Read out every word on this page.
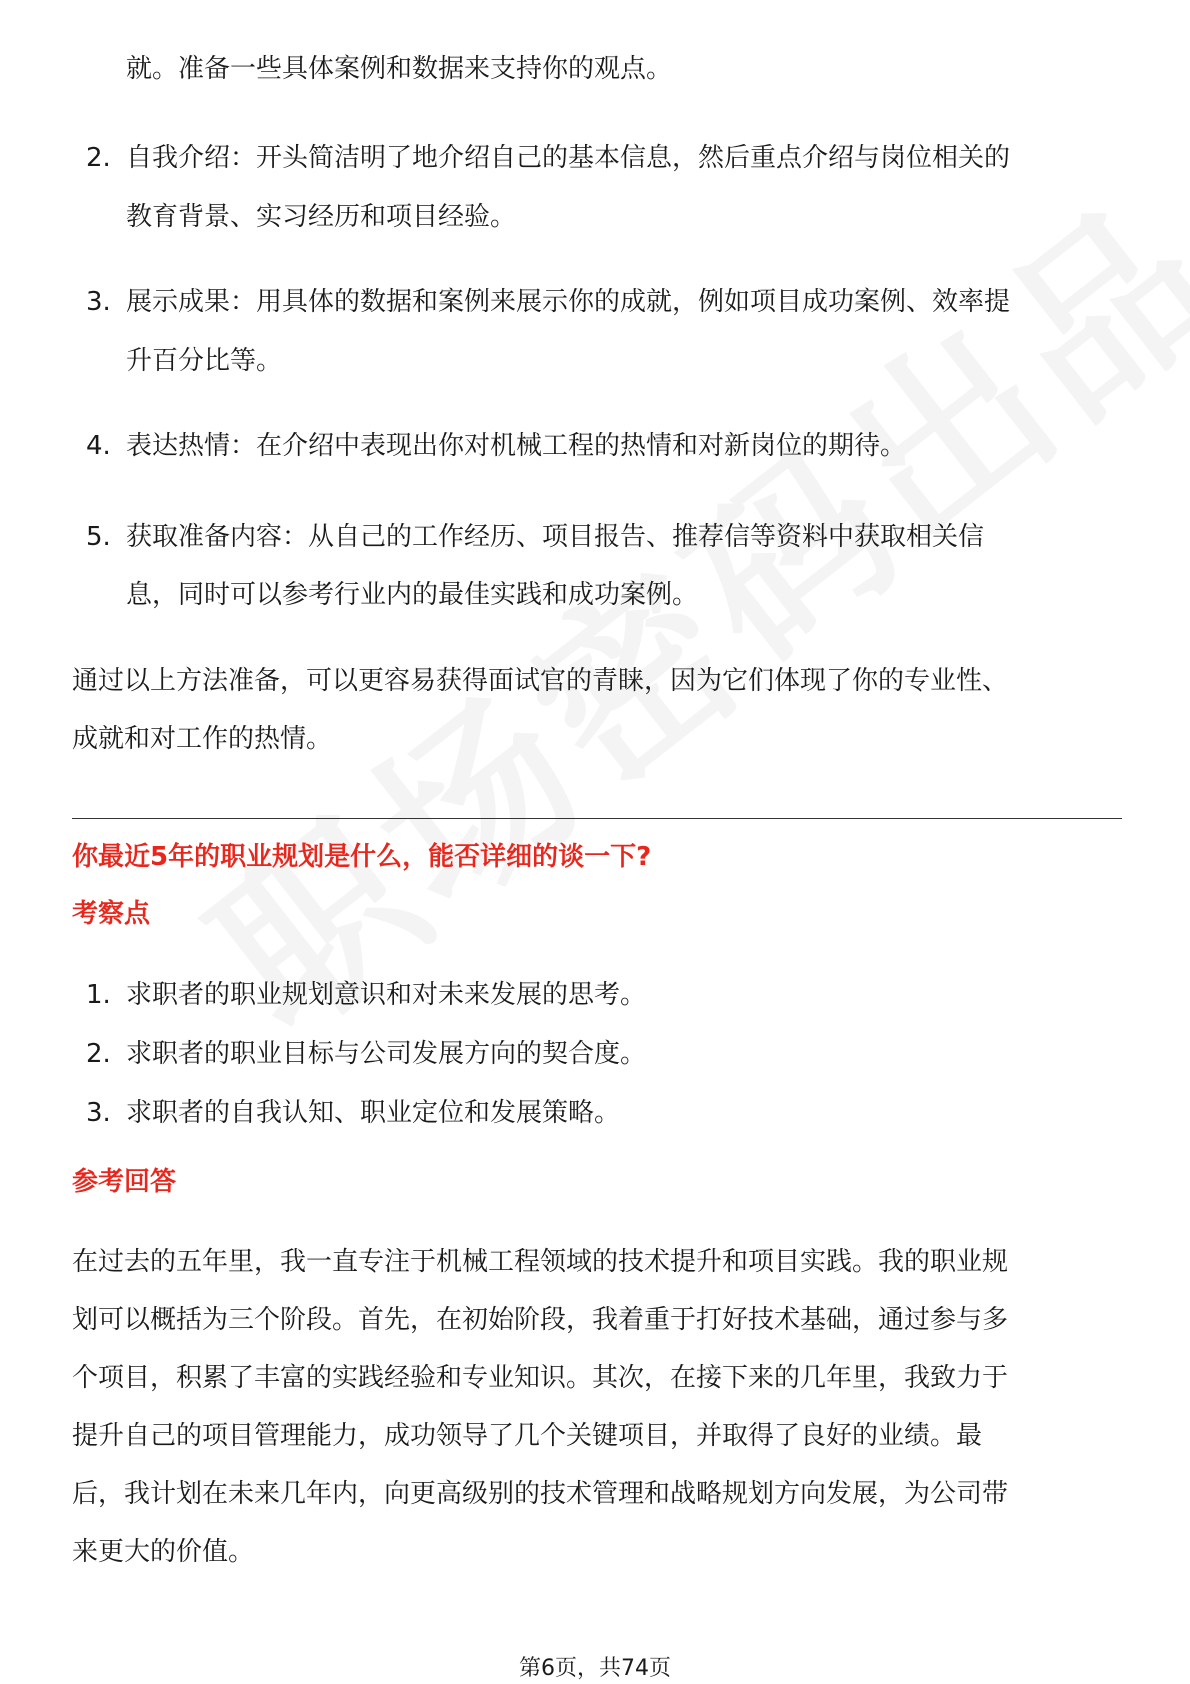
就。准备一些具体案例和数据来支持你的观点。
2. 自我介绍：开头简洁明了地介绍自己的基本信息，然后重点介绍与岗位相关的
教育背景、实习经历和项目经验。
3. 展示成果：用具体的数据和案例来展示你的成就，例如项目成功案例、效率提
升百分比等。
4. 表达热情：在介绍中表现出你对机械工程的热情和对新岗位的期待。
5. 获取准备内容：从自己的工作经历、项目报告、推荐信等资料中获取相关信
息，同时可以参考行业内的最佳实践和成功案例。
通过以上方法准备，可以更容易获得面试官的青睐，因为它们体现了你的专业性、
成就和对工作的热情。
你最近5年的职业规划是什么，能否详细的谈一下?
考察点
1. 求职者的职业规划意识和对未来发展的思考。
2. 求职者的职业目标与公司发展方向的契合度。
3. 求职者的自我认知、职业定位和发展策略。
参考回答
在过去的五年里，我一直专注于机械工程领域的技术提升和项目实践。我的职业规
划可以概括为三个阶段。首先，在初始阶段，我着重于打好技术基础，通过参与多
个项目，积累了丰富的实践经验和专业知识。其次，在接下来的几年里，我致力于
提升自己的项目管理能力，成功领导了几个关键项目，并取得了良好的业绩。最
后，我计划在未来几年内，向更高级别的技术管理和战略规划方向发展，为公司带
来更大的价值。
第6页，共74页
